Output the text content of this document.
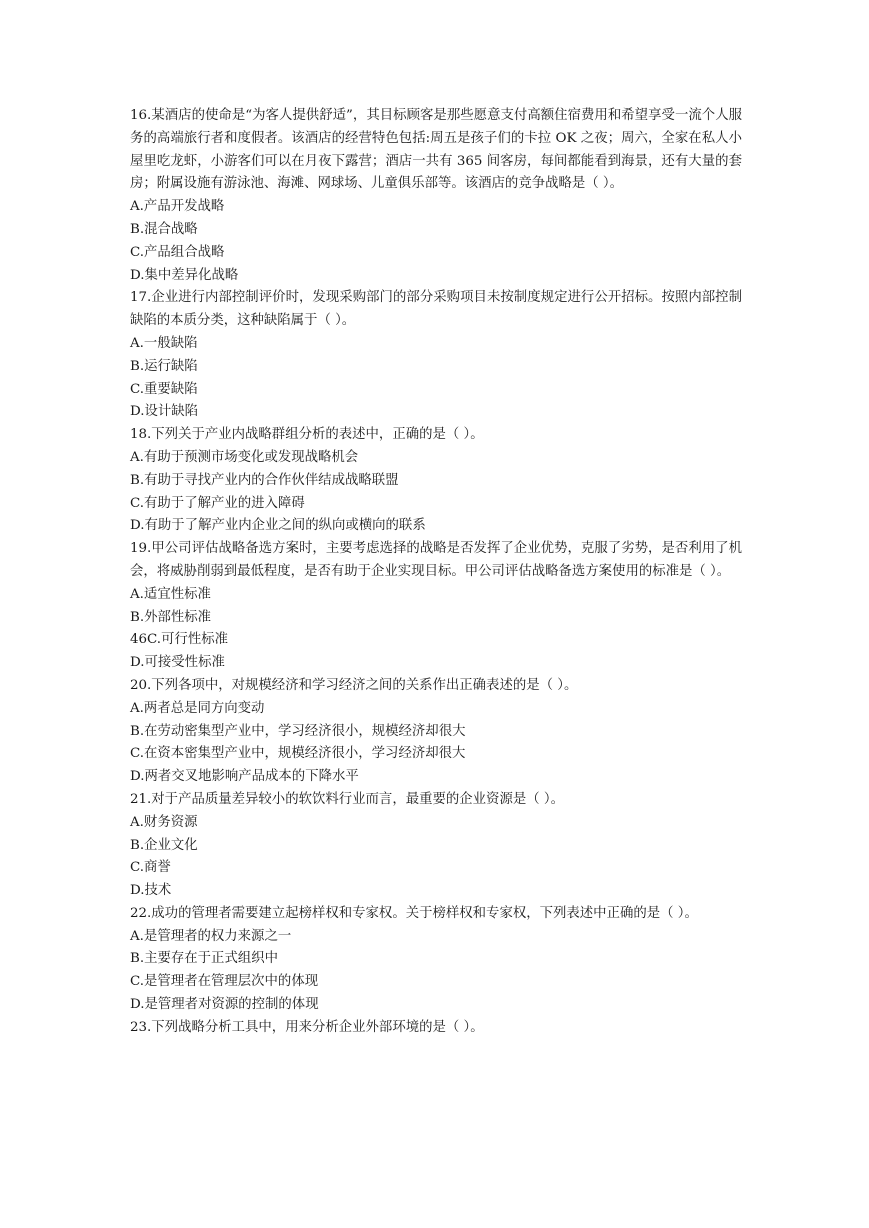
16.某酒店的使命是“为客人提供舒适”，其目标顾客是那些愿意支付高额住宿费用和希望享受一流个人服务的高端旅行者和度假者。该酒店的经营特色包括:周五是孩子们的卡拉 OK 之夜；周六，全家在私人小屋里吃龙虾，小游客们可以在月夜下露营；酒店一共有 365 间客房，每间都能看到海景，还有大量的套房；附属设施有游泳池、海滩、网球场、儿童俱乐部等。该酒店的竞争战略是（ ）。

A.产品开发战略

B.混合战略

C.产品组合战略

D.集中差异化战略

17.企业进行内部控制评价时，发现采购部门的部分采购项目未按制度规定进行公开招标。按照内部控制缺陷的本质分类，这种缺陷属于（ ）。

A.一般缺陷

B.运行缺陷

C.重要缺陷

D.设计缺陷

18.下列关于产业内战略群组分析的表述中，正确的是（ ）。

A.有助于预测市场变化或发现战略机会

B.有助于寻找产业内的合作伙伴结成战略联盟

C.有助于了解产业的进入障碍

D.有助于了解产业内企业之间的纵向或横向的联系

19.甲公司评估战略备选方案时，主要考虑选择的战略是否发挥了企业优势，克服了劣势，是否利用了机会，将威胁削弱到最低程度，是否有助于企业实现目标。甲公司评估战略备选方案使用的标准是（ ）。

A.适宜性标准

B.外部性标准

46C.可行性标准

D.可接受性标准

20.下列各项中，对规模经济和学习经济之间的关系作出正确表述的是（ ）。

A.两者总是同方向变动

B.在劳动密集型产业中，学习经济很小，规模经济却很大

C.在资本密集型产业中，规模经济很小，学习经济却很大

D.两者交叉地影响产品成本的下降水平

21.对于产品质量差异较小的软饮料行业而言，最重要的企业资源是（ ）。

A.财务资源

B.企业文化

C.商誉

D.技术

22.成功的管理者需要建立起榜样权和专家权。关于榜样权和专家权，下列表述中正确的是（ ）。

A.是管理者的权力来源之一

B.主要存在于正式组织中

C.是管理者在管理层次中的体现

D.是管理者对资源的控制的体现

23.下列战略分析工具中，用来分析企业外部环境的是（ ）。
